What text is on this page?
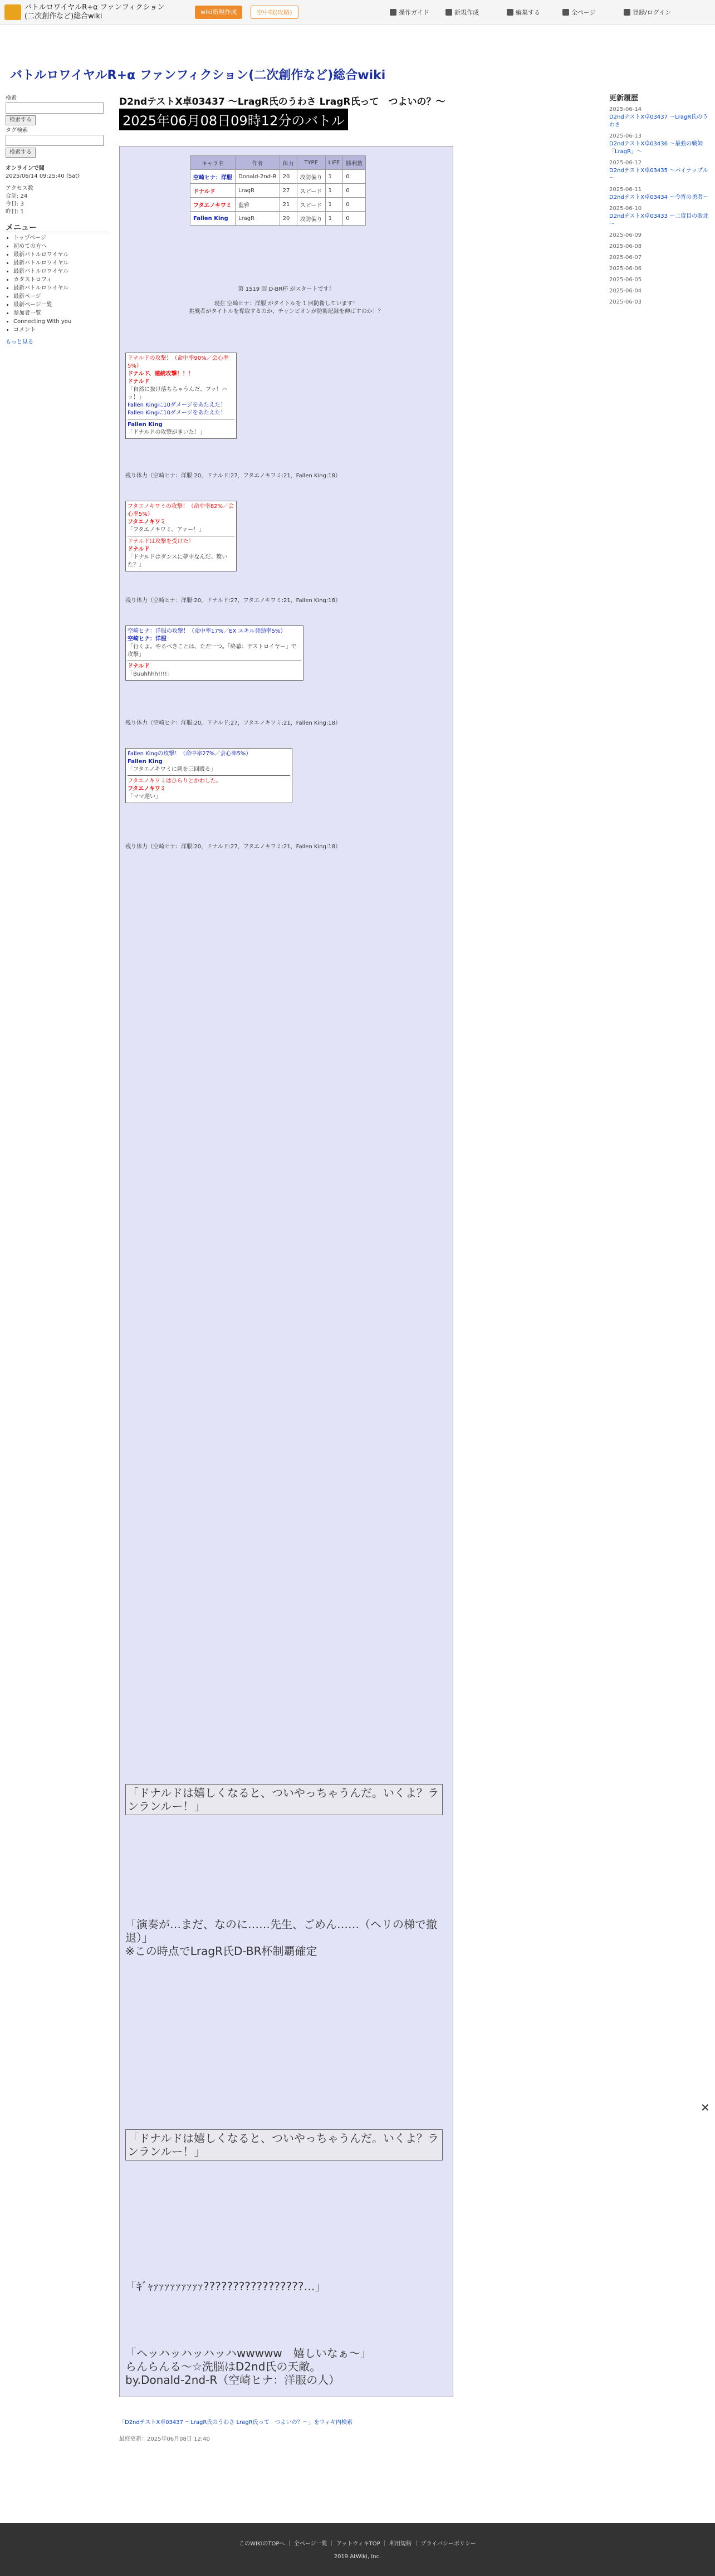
バトルロワイヤルR+α ファンフィクション(二次創作など)総合wiki
wiki新規作成	空中戦(攻略)	操作ガイド	新規作成	編集する	全ページ	登録/ログイン
バトルロワイヤルR+α ファンフィクション(二次創作など)総合wiki
検索

検索する
タグ検索

検索する
オンラインで閲
2025/06/14 09:25:40 (Sat)
アクセス数
合計: 24
今日: 3
昨日: 1
メニュー
• トップページ
• 初めての方へ
• 最新バトルロワイヤル
• 最新バトルロワイヤル
• 最新バトルロワイヤル
• カタストロフィ
• 最新バトルロワイヤル
• 最新ページ
• 最新ページ一覧
• 参加者一覧
• Connecting With you
• コメント
もっと見る
更新履歴
2025-06-14
D2ndテストX卓03437 ～LragR氏のうわさ
2025-06-13
D2ndテストX卓03436 ～最強の戦姫「LragR」～
2025-06-12
D2ndテストX卓03435 ～パイナップル～
2025-06-11
D2ndテストX卓03434 ～今宵の勇者～
2025-06-10
D2ndテストX卓03433 ～二度目の敗北～
2025-06-09
2025-06-08
2025-06-07
2025-06-06
2025-06-05
2025-06-04
2025-06-03
D2ndテストX卓03437 ～LragR氏のうわさ LragR氏って　つよいの？～
2025年06月08日09時12分のバトル
キャラ名	作者	体力	TYPE	LIFE	勝利数
空崎ヒナ：洋服	Donald-2nd-R	20	攻防偏り	1	0
ドナルド	LragR	27	スピード	1	0
フタエノキワミ	藍雅	21	スピード	1	0
Fallen King	LragR	20	攻防偏り	1	0
第 1519 回 D-BR杯 がスタートです！
現在 空崎ヒナ：洋服 がタイトルを 1 回防衛しています！
挑戦者がタイトルを奪取するのか、チャンピオンが防衛記録を伸ばすのか！？
ドナルドの攻撃！（命中率90%／会心率5%）
ドナルド、連続攻撃！！！
ドナルド
「自然に抜け落ちちゃうんだ、フッ！ハッ！」
Fallen Kingに10ダメージをあたえた！
Fallen Kingに10ダメージをあたえた！
Fallen King
「ドナルドの攻撃がきいた！」
残り体力（空崎ヒナ：洋服:20，ドナルド:27，フタエノキワミ:21，Fallen King:18）
フタエノキワミの攻撃！（命中率82%／会心率5%）
フタエノキワミ
「フタエノキワミ、アァー！」
ドナルドは攻撃を受けた！
ドナルド
「ドナルドはダンスに夢中なんだ。驚いた？」
残り体力（空崎ヒナ：洋服:20，ドナルド:27，フタエノキワミ:21，Fallen King:18）
空崎ヒナ：洋服の攻撃！（命中率17%／EX スキル発動率5%）
空崎ヒナ：洋服
「行くよ。やるべきことは、ただ一つ。「終幕：デストロイヤー」で攻撃」
ドナルド
「Buuhhhh!!!!」
残り体力（空崎ヒナ：洋服:20，ドナルド:27，フタエノキワミ:21，Fallen King:18）
Fallen Kingの攻撃！（命中率27%／会心率5%）
Fallen King
「フタエノキワミに刺を三回殴る」
フタエノキワミはひらりとかわした。
フタエノキワミ
「ママ遅い」
残り体力（空崎ヒナ：洋服:20，ドナルド:27，フタエノキワミ:21，Fallen King:18）
「ドナルドは嬉しくなると、ついやっちゃうんだ。いくよ？ランランルー！」
「演奏が…まだ、なのに……先生、ごめん……（ヘリの梯で撤退）」
※この時点でLragR氏D-BR杯制覇確定
「ドナルドは嬉しくなると、ついやっちゃうんだ。いくよ？ランランルー！」
「ｷﾞｬｧｧｧｧｧｧｧｧｧ?????????????????…」
「ヘッハッハッハッハwwwww　嬉しいなぁ～」
らんらんる～☆洗脳はD2nd氏の天敵。
by.Donald-2nd-R（空崎ヒナ：洋服の人）
✕
「D2ndテストX卓03437 ～LragR氏のうわさ LragR氏って　つよいの？～」をウィキ内検索
最終更新：2025年06月08日 12:40
このWIKIのTOPへ ｜ 全ページ一覧 ｜ アットウィキTOP ｜ 利用規約 ｜ プライバシーポリシー
2019 AtWiki, Inc.
